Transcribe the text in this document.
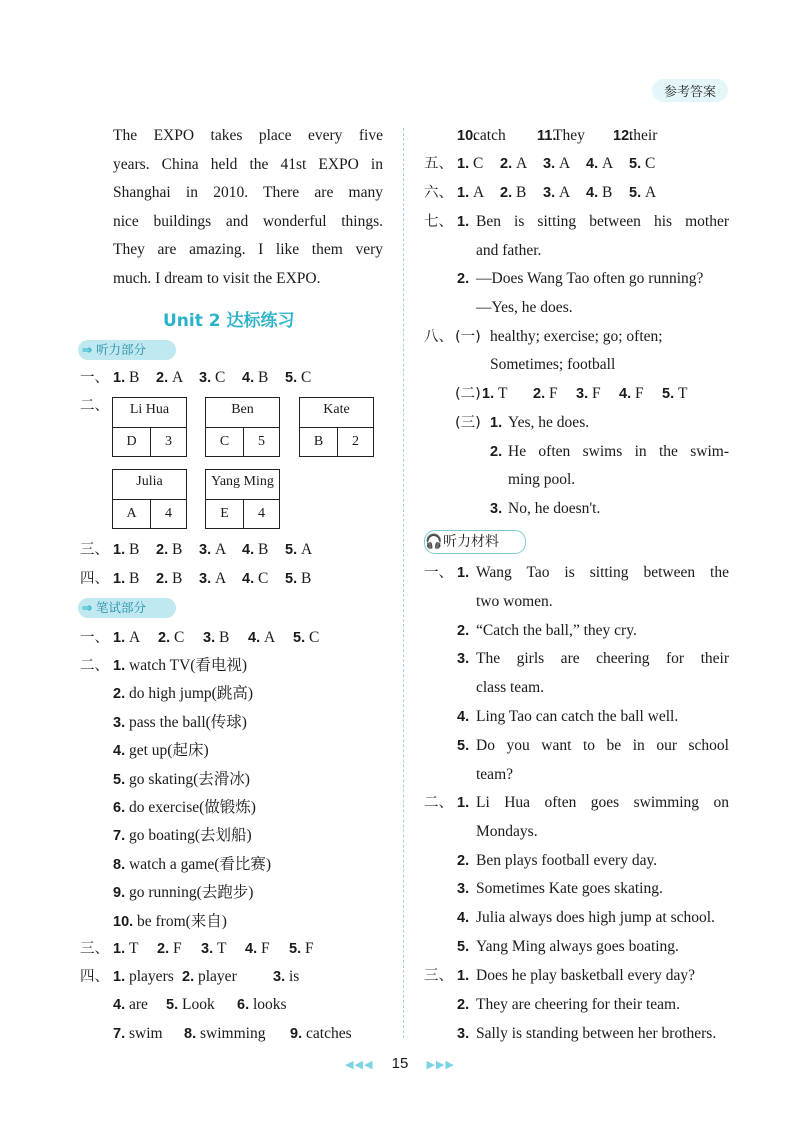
参考答案
Unit 2 达标练习
⇒ 听力部分
⇒ 笔试部分
🎧听力材料
◀◀◀ 15 ▶▶▶
The EXPO takes place every five
years. China held the 41st EXPO in
Shanghai in 2010. There are many
nice buildings and wonderful things.
They are amazing. I like them very
much. I dream to visit the EXPO.
一、 1. B 2. A 3. C 4. B 5. C
二、
三、 1. B 2. B 3. A 4. B 5. A
四、 1. B 2. B 3. A 4. C 5. B
一、 1. A 2. C 3. B 4. A 5. C
二、 1. watch TV(看电视)
2. do high jump(跳高)
3. pass the ball(传球)
4. get up(起床)
5. go skating(去滑冰)
6. do exercise(做锻炼)
7. go boating(去划船)
8. watch a game(看比赛)
9. go running(去跑步)
10. be from(来自)
三、 1. T 2. F 3. T 4. F 5. F
四、 1. players 2. player	3. is
4. are 5. Look 6. looks
7. swim 8. swimming 9. catches
Li Hua
D	3
Ben
C	5
Kate
B	2
Julia
A	4
Yang Ming
E	4
10.
catch 11.
They 12.
their
五、 1. C 2. A 3. A 4. A 5. C
六、 1. A 2. B 3. A 4. B 5. A
七、 1. Ben is sitting between his mother
and father.
2. —Does Wang Tao often go running?
—Yes, he does.
八、 (一) healthy; exercise; go; often;
Sometimes; football
(二) 1. T 2. F 3. F 4. F 5. T
(三) 1. Yes, he does.
2. He often swims in the swim-
ming pool.
3. No, he doesn't.
一、 1. Wang Tao is sitting between the
two women.
2. “Catch the ball,” they cry.
3. The girls are cheering for their
class team.
4. Ling Tao can catch the ball well.
5. Do you want to be in our school
team?
二、 1. Li Hua often goes swimming on
Mondays.
2. Ben plays football every day.
3. Sometimes Kate goes skating.
4. Julia always does high jump at school.
5. Yang Ming always goes boating.
三、 1. Does he play basketball every day?
2. They are cheering for their team.
3. Sally is standing between her brothers.
